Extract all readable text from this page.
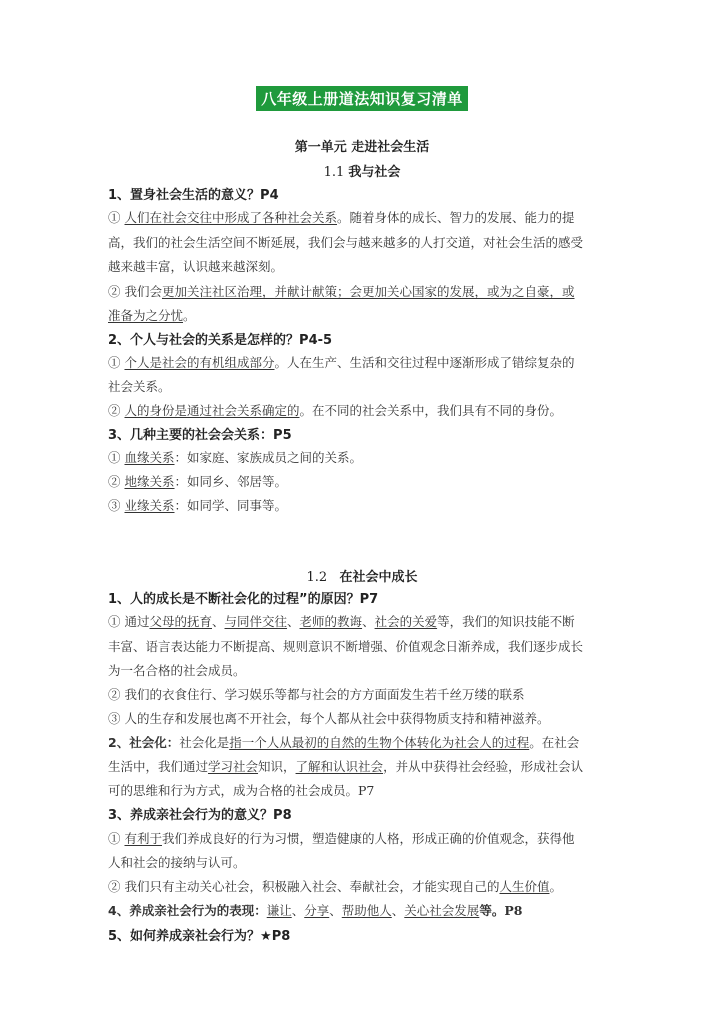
八年级上册道法知识复习清单
第一单元 走进社会生活
1.1 我与社会
1、置身社会生活的意义？P4
① 人们在社会交往中形成了各种社会关系。随着身体的成长、智力的发展、能力的提
高，我们的社会生活空间不断延展，我们会与越来越多的人打交道，对社会生活的感受
越来越丰富，认识越来越深刻。
② 我们会更加关注社区治理，并献计献策；会更加关心国家的发展，或为之自豪，或
准备为之分忧。
2、个人与社会的关系是怎样的？P4-5
① 个人是社会的有机组成部分。人在生产、生活和交往过程中逐渐形成了错综复杂的
社会关系。
② 人的身份是通过社会关系确定的。在不同的社会关系中，我们具有不同的身份。
3、几种主要的社会会关系：P5
① 血缘关系：如家庭、家族成员之间的关系。
② 地缘关系：如同乡、邻居等。
③ 业缘关系：如同学、同事等。
1.2 在社会中成长
1、人的成长是不断社会化的过程”的原因？P7
① 通过父母的抚育、与同伴交往、老师的教诲、社会的关爱等，我们的知识技能不断
丰富、语言表达能力不断提高、规则意识不断增强、价值观念日渐养成，我们逐步成长
为一名合格的社会成员。
② 我们的衣食住行、学习娱乐等都与社会的方方面面发生若千丝万缕的联系
③ 人的生存和发展也离不开社会，每个人都从社会中获得物质支持和精神滋养。
2、社会化：社会化是指一个人从最初的自然的生物个体转化为社会人的过程。在社会
生活中，我们通过学习社会知识，了解和认识社会，并从中获得社会经验，形成社会认
可的思维和行为方式，成为合格的社会成员。P7
3、养成亲社会行为的意义？P8
① 有利于我们养成良好的行为习惯，塑造健康的人格，形成正确的价值观念，获得他
人和社会的接纳与认可。
② 我们只有主动关心社会，积极融入社会、奉献社会，才能实现自己的人生价值。
4、养成亲社会行为的表现：谦让、分享、帮助他人、关心社会发展等。P8
5、如何养成亲社会行为？★P8
